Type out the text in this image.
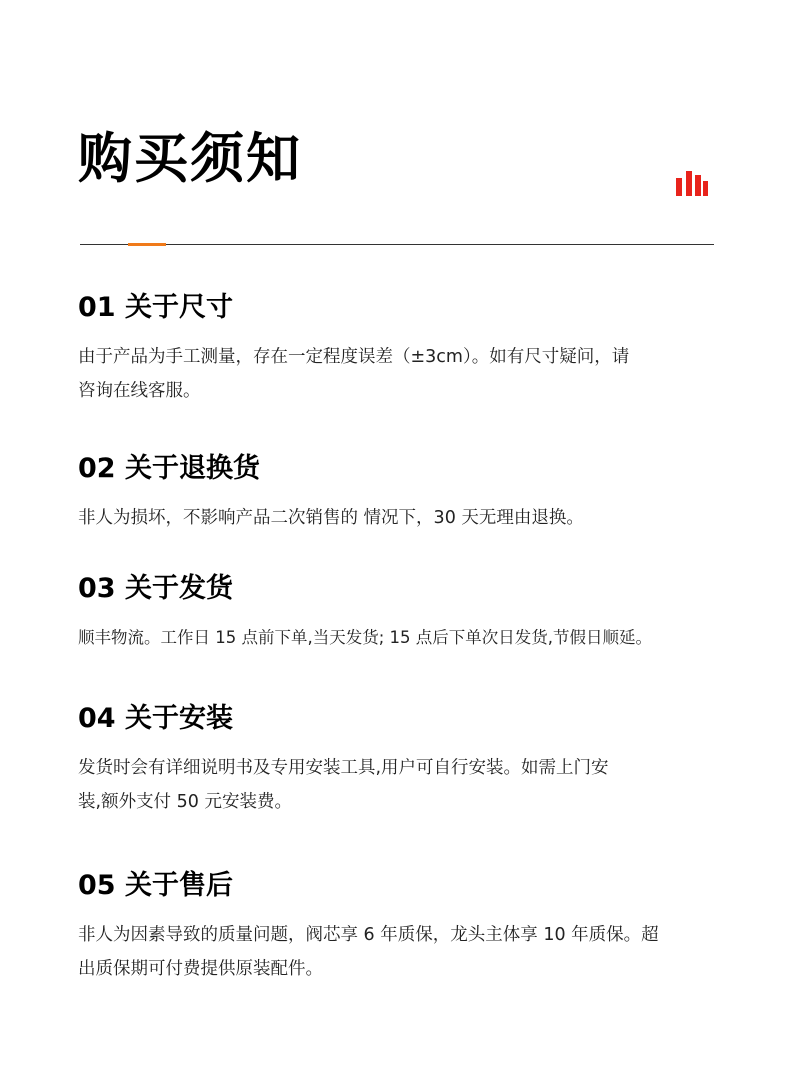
购买须知
01 关于尺寸
由于产品为手工测量，存在一定程度误差（±3cm）。如有尺寸疑问，请
咨询在线客服。
02 关于退换货
非人为损坏，不影响产品二次销售的 情况下，30 天无理由退换。
03 关于发货
顺丰物流。工作日 15 点前下单,当天发货; 15 点后下单次日发货,节假日顺延。
04 关于安装
发货时会有详细说明书及专用安装工具,用户可自行安装。如需上门安
装,额外支付 50 元安装费。
05 关于售后
非人为因素导致的质量问题，阀芯享 6 年质保，龙头主体享 10 年质保。超
出质保期可付费提供原装配件。
